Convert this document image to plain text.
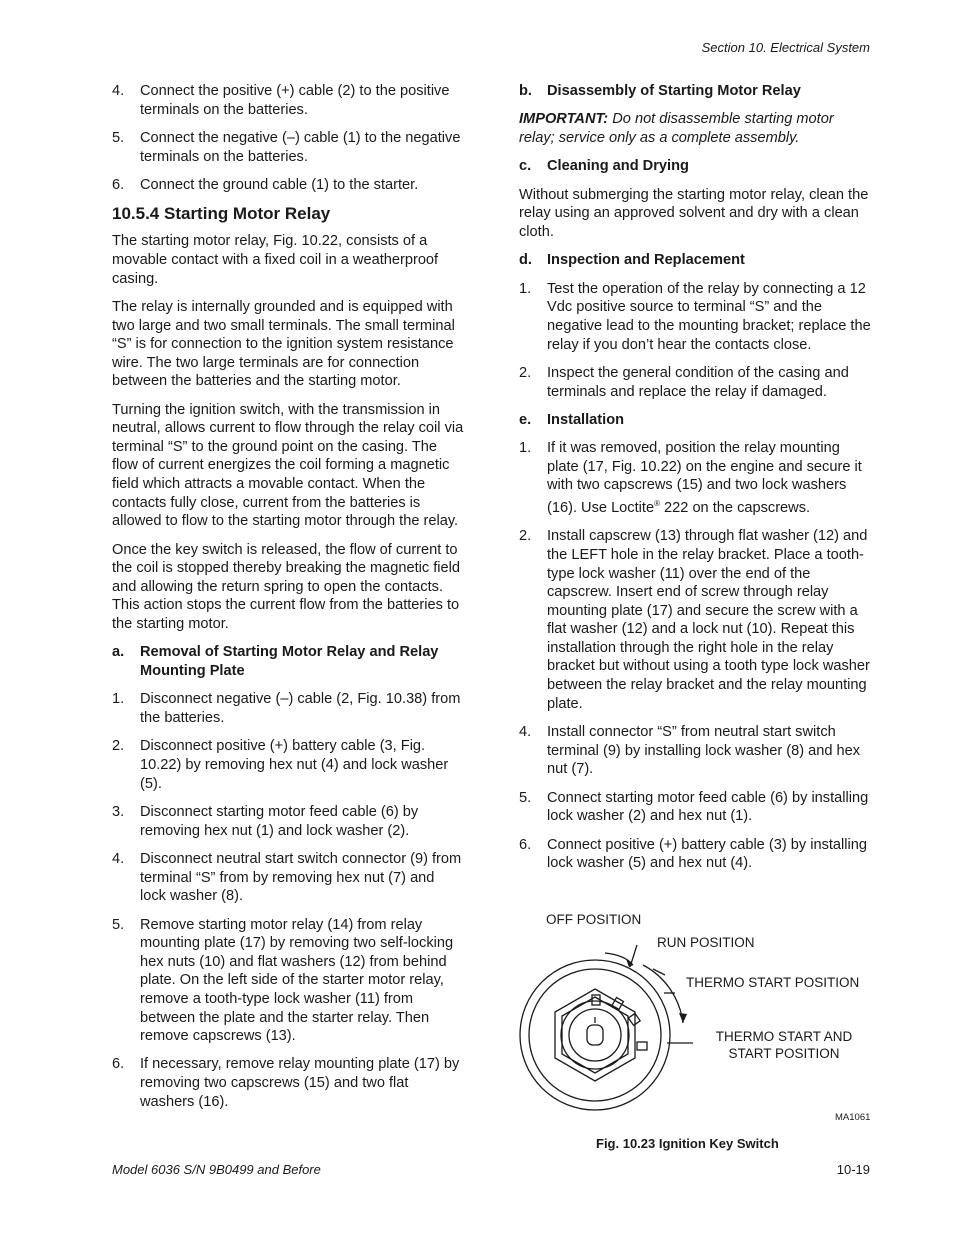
Section 10. Electrical System
4. Connect the positive (+) cable (2) to the positive terminals on the batteries.
5. Connect the negative (–) cable (1) to the negative terminals on the batteries.
6. Connect the ground cable (1) to the starter.
10.5.4 Starting Motor Relay

The starting motor relay, Fig. 10.22, consists of a movable contact with a fixed coil in a weatherproof casing.

The relay is internally grounded and is equipped with two large and two small terminals. The small terminal “S” is for connection to the ignition system resistance wire. The two large terminals are for connection between the batteries and the starting motor.

Turning the ignition switch, with the transmission in neutral, allows current to flow through the relay coil via terminal “S” to the ground point on the casing. The flow of current energizes the coil forming a magnetic field which attracts a movable contact. When the contacts fully close, current from the batteries is allowed to flow to the starting motor through the relay.

Once the key switch is released, the flow of current to the coil is stopped thereby breaking the magnetic field and allowing the return spring to open the contacts. This action stops the current flow from the batteries to the starting motor.

a. Removal of Starting Motor Relay and Relay Mounting Plate
1. Disconnect negative (–) cable (2, Fig. 10.38) from the batteries.
2. Disconnect positive (+) battery cable (3, Fig. 10.22) by removing hex nut (4) and lock washer (5).
3. Disconnect starting motor feed cable (6) by removing hex nut (1) and lock washer (2).
4. Disconnect neutral start switch connector (9) from terminal “S” from by removing hex nut (7) and lock washer (8).
5. Remove starting motor relay (14) from relay mounting plate (17) by removing two self-locking hex nuts (10) and flat washers (12) from behind plate. On the left side of the starter motor relay, remove a tooth-type lock washer (11) from between the plate and the starter relay. Then remove capscrews (13).
6. If necessary, remove relay mounting plate (17) by removing two capscrews (15) and two flat washers (16).
b. Disassembly of Starting Motor Relay

IMPORTANT: Do not disassemble starting motor relay; service only as a complete assembly.

c. Cleaning and Drying

Without submerging the starting motor relay, clean the relay using an approved solvent and dry with a clean cloth.

d. Inspection and Replacement
1. Test the operation of the relay by connecting a 12 Vdc positive source to terminal “S” and the negative lead to the mounting bracket; replace the relay if you don’t hear the contacts close.
2. Inspect the general condition of the casing and terminals and replace the relay if damaged.
e. Installation
1. If it was removed, position the relay mounting plate (17, Fig. 10.22) on the engine and secure it with two capscrews (15) and two lock washers (16). Use Loctite® 222 on the capscrews.
2. Install capscrew (13) through flat washer (12) and the LEFT hole in the relay bracket. Place a tooth-type lock washer (11) over the end of the capscrew. Insert end of screw through relay mounting plate (17) and secure the screw with a flat washer (12) and a lock nut (10). Repeat this installation through the right hole in the relay bracket but without using a tooth type lock washer between the relay bracket and the relay mounting plate.
4. Install connector “S” from neutral start switch terminal (9) by installing lock washer (8) and hex nut (7).
5. Connect starting motor feed cable (6) by installing lock washer (2) and hex nut (1).
6. Connect positive (+) battery cable (3) by installing lock washer (5) and hex nut (4).
OFF POSITION
RUN POSITION
THERMO START POSITION
THERMO START AND
START POSITION
MA1061
Fig. 10.23 Ignition Key Switch
Model 6036 S/N 9B0499 and Before	10-19
